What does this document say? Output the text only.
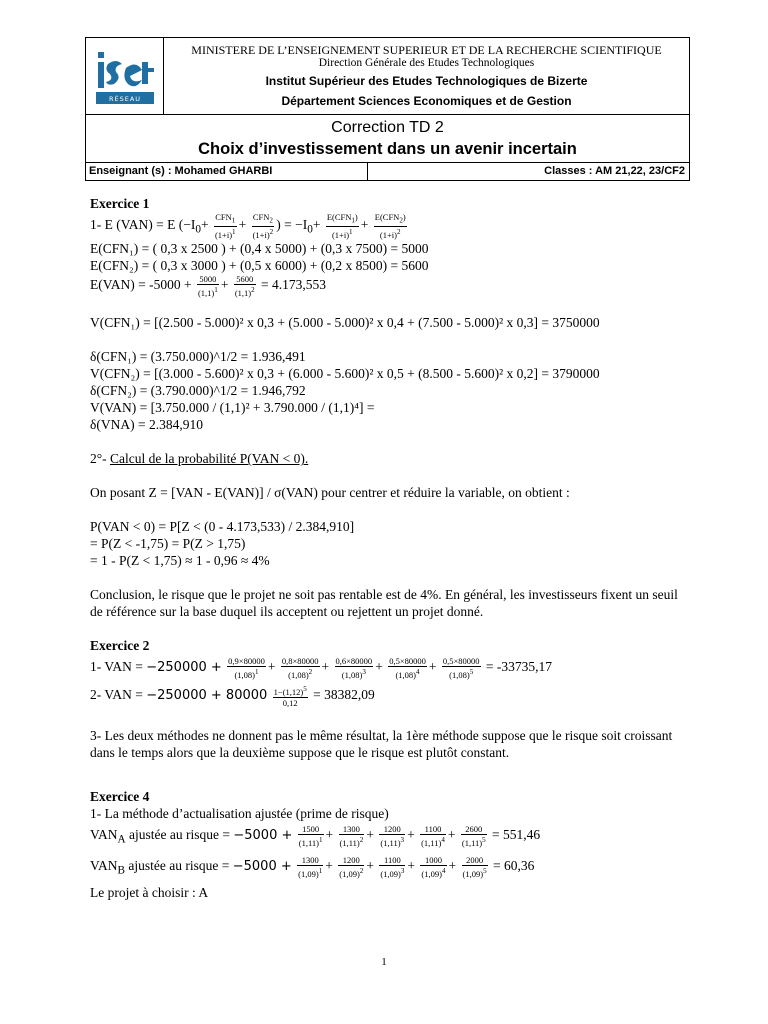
RÉSEAU
MINISTERE DE L’ENSEIGNEMENT SUPERIEUR ET DE LA RECHERCHE SCIENTIFIQUE
Direction Générale des Etudes Technologiques
Institut Supérieur des Etudes Technologiques de Bizerte
Département Sciences Economiques et de Gestion
Correction TD 2
Choix d’investissement dans un avenir incertain
Enseignant (s) : Mohamed GHARBI	Classes : AM 21,22, 23/CF2
Exercice 1
1- E (VAN) = E ($-I_0+ CFN_1$
$(1+i)^1 + CFN_2$
$(1+i)^2$ ) = $-I_0+ E(CFN_1)$
$(1+i)^1 + E(CFN_2)$
$(1+i)^2$
E(CFN₁) = ( 0,3 x 2500 ) + (0,4 x 5000) + (0,3 x 7500) = 5000
E(CFN₂) = ( 0,3 x 3000 ) + (0,5 x 6000) + (0,2 x 8500) = 5600
$E(VAN) = -5000 + \frac{5000}{(1,1)^1} + \frac{5600}{(1,1)^2} = 4.173,553$
V(CFN₁) = [(2.500 - 5.000)² x 0,3 + (5.000 - 5.000)² x 0,4 + (7.500 - 5.000)² x 0,3] = 3750000
δ(CFN₁) = (3.750.000)^1/2 = 1.936,491
V(CFN₂) = [(3.000 - 5.600)² x 0,3 + (6.000 - 5.600)² x 0,5 + (8.500 - 5.600)² x 0,2] = 3790000
δ(CFN₂) = (3.790.000)^1/2 = 1.946,792
V(VAN) = [3.750.000 / (1,1)² + 3.790.000 / (1,1)⁴] =
δ(VNA) = 2.384,910
2°- Calcul de la probabilité P(VAN < 0).
On posant Z = [VAN - E(VAN)] / σ(VAN) pour centrer et réduire la variable, on obtient :
P(VAN < 0) = P[Z < (0 - 4.173,533) / 2.384,910]
= P(Z < -1,75) = P(Z > 1,75)
= 1 - P(Z < 1,75) ≈ 1 - 0,96 ≈ 4%
Conclusion, le risque que le projet ne soit pas rentable est de 4%. En général, les investisseurs fixent un seuil de référence sur la base duquel ils acceptent ou rejettent un projet donné.
Exercice 2
1- VAN = $-250000 + \frac{0,9\times 80000}{(1,08)^1} + \frac{0,8\times 80000}{(1,08)^2} + \frac{0,6\times 80000}{(1,08)^3} + \frac{0,5\times 80000}{(1,08)^4} + \frac{0,5\times 80000}{(1,08)^5} = -33735,17$
2- VAN = $-250000 + 80000 \frac{1-(1,12)^5}{0,12} = 38382,09$
3- Les deux méthodes ne donnent pas le même résultat, la 1ère méthode suppose que le risque soit croissant dans le temps alors que la deuxième suppose que le risque est plutôt constant.
Exercice 4
1- La méthode d’actualisation ajustée (prime de risque)
$VAN_A$ ajustée au risque = $-5000 + \frac{1500}{(1,11)^1} + \frac{1300}{(1,11)^2} + \frac{1200}{(1,11)^3} + \frac{1100}{(1,11)^4} + \frac{2600}{(1,11)^5} = 551,46$
$VAN_B$ ajustée au risque = $-5000 + \frac{1300}{(1,09)^1} + \frac{1200}{(1,09)^2} + \frac{1100}{(1,09)^3} + \frac{1000}{(1,09)^4} + \frac{2000}{(1,09)^5} = 60,36$
Le projet à choisir : A
1
